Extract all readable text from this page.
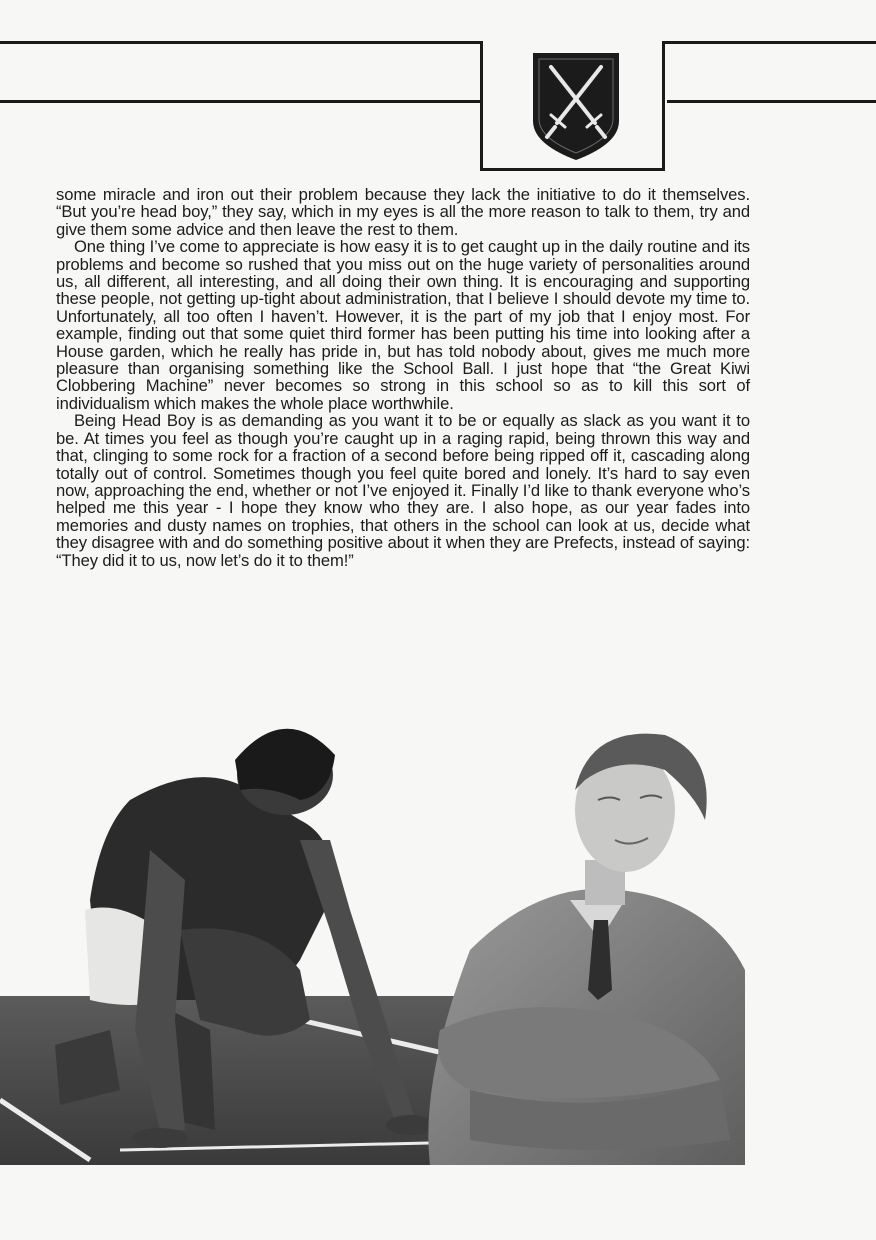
some miracle and iron out their problem because they lack the initiative to do it themselves. “But you’re head boy,” they say, which in my eyes is all the more reason to talk to them, try and give them some advice and then leave the rest to them.

One thing I’ve come to appreciate is how easy it is to get caught up in the daily routine and its problems and become so rushed that you miss out on the huge variety of personalities around us, all different, all interesting, and all doing their own thing. It is encouraging and supporting these people, not getting up-tight about administration, that I believe I should devote my time to. Unfortunately, all too often I haven’t. However, it is the part of my job that I enjoy most. For example, finding out that some quiet third former has been putting his time into looking after a House garden, which he really has pride in, but has told nobody about, gives me much more pleasure than organising something like the School Ball. I just hope that “the Great Kiwi Clobbering Machine” never becomes so strong in this school so as to kill this sort of individualism which makes the whole place worthwhile.

Being Head Boy is as demanding as you want it to be or equally as slack as you want it to be. At times you feel as though you’re caught up in a raging rapid, being thrown this way and that, clinging to some rock for a fraction of a second before being ripped off it, cascading along totally out of control. Sometimes though you feel quite bored and lonely. It’s hard to say even now, approaching the end, whether or not I’ve enjoyed it. Finally I’d like to thank everyone who’s helped me this year - I hope they know who they are. I also hope, as our year fades into memories and dusty names on trophies, that others in the school can look at us, decide what they disagree with and do something positive about it when they are Prefects, instead of saying: “They did it to us, now let’s do it to them!”
